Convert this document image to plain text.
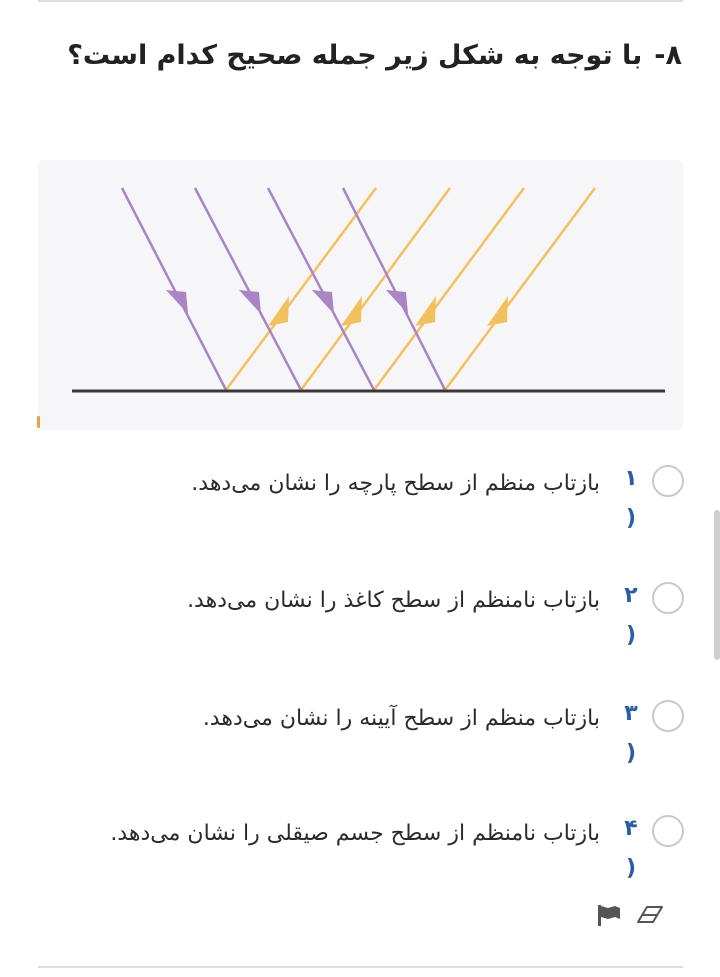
۸-با توجه به شکل زیر جمله صحیح کدام است؟
۱
(
بازتاب منظم از سطح پارچه را نشان می‌دهد.
۲
(
بازتاب نامنظم از سطح کاغذ را نشان می‌دهد.
۳
(
بازتاب منظم از سطح آیینه را نشان می‌دهد.
۴
(
بازتاب نامنظم از سطح جسم صیقلی را نشان می‌دهد.
